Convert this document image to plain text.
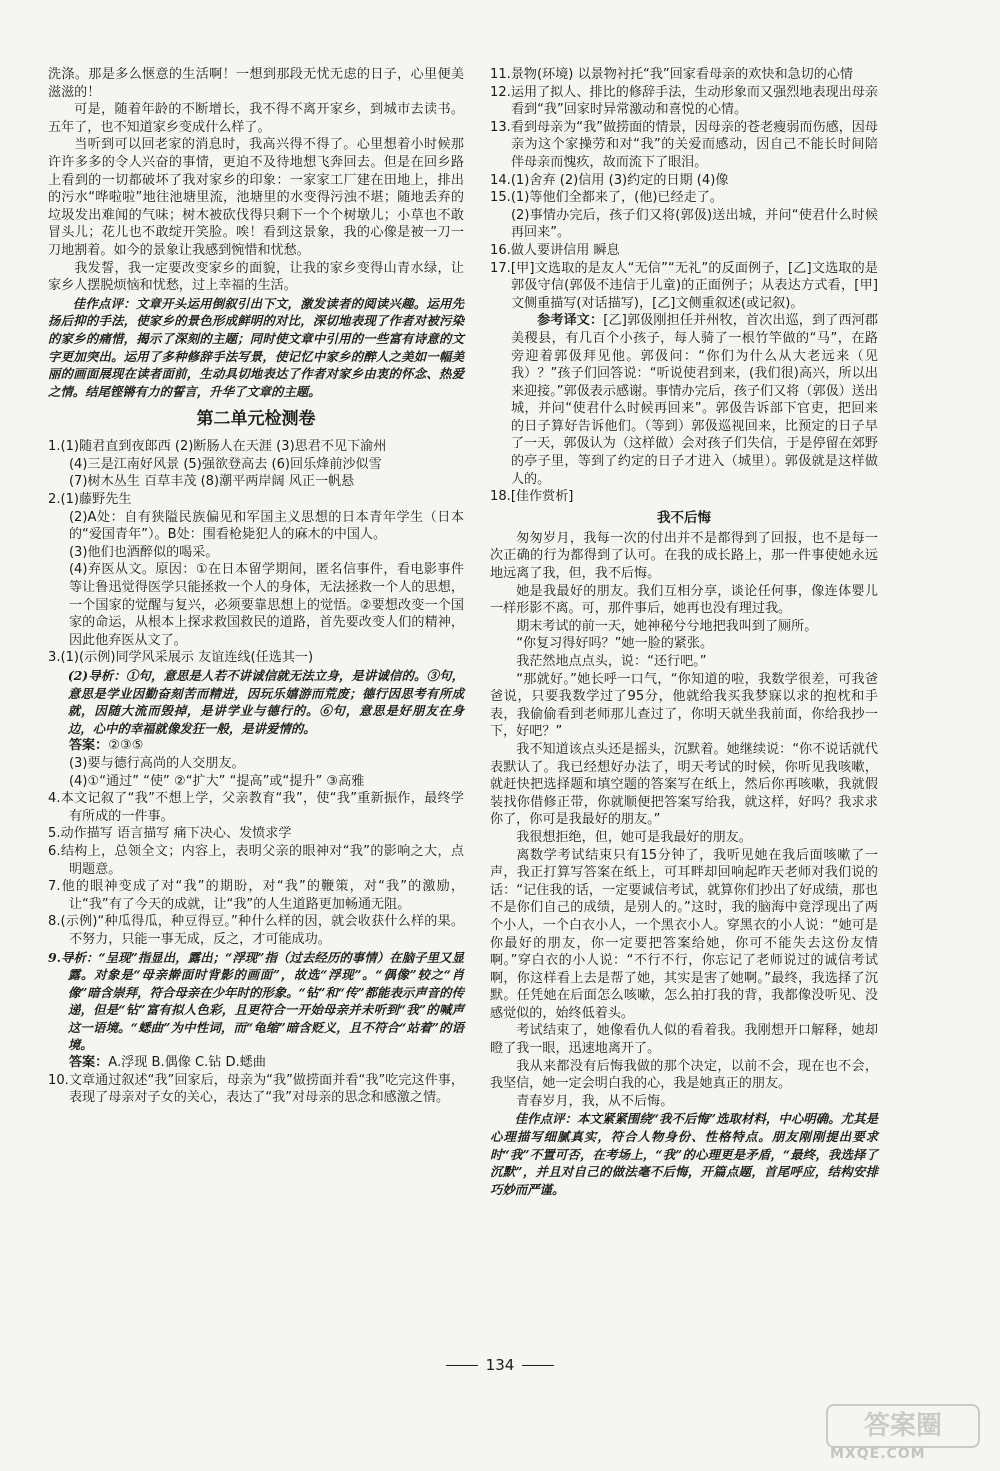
洗涤。那是多么惬意的生活啊！一想到那段无忧无虑的日子，心里便美滋滋的！

可是，随着年龄的不断增长，我不得不离开家乡，到城市去读书。五年了，也不知道家乡变成什么样了。

当听到可以回老家的消息时，我高兴得不得了。心里想着小时候那许许多多的令人兴奋的事情，更迫不及待地想飞奔回去。但是在回乡路上看到的一切都破坏了我对家乡的印象：一家家工厂建在田地上，排出的污水“哗啦啦”地往池塘里流，池塘里的水变得污浊不堪；随地丢弃的垃圾发出难闻的气味；树木被砍伐得只剩下一个个树墩儿；小草也不敢冒头儿；花儿也不敢绽开笑脸。唉！看到这景象，我的心像是被一刀一刀地割着。如今的景象让我感到惋惜和忧愁。

我发誓，我一定要改变家乡的面貌，让我的家乡变得山青水绿，让家乡人摆脱烦恼和忧愁，过上幸福的生活。

佳作点评：文章开头运用倒叙引出下文，激发读者的阅读兴趣。运用先扬后抑的手法，使家乡的景色形成鲜明的对比，深切地表现了作者对被污染的家乡的痛惜，揭示了深刻的主题；同时使文章中引用的一些富有诗意的文字更加突出。运用了多种修辞手法写景，使记忆中家乡的醉人之美如一幅美丽的画面展现在读者面前，生动具切地表达了作者对家乡由衷的怀念、热爱之情。结尾铿锵有力的誓言，升华了文章的主题。

第二单元检测卷

1.(1)随君直到夜郎西 (2)断肠人在天涯 (3)思君不见下渝州

(4)三是江南好风景 (5)强欲登高去 (6)回乐烽前沙似雪

(7)树木丛生 百草丰茂 (8)潮平两岸阔 风正一帆悬

2.(1)藤野先生

(2)A处：自有狭隘民族偏见和军国主义思想的日本青年学生（日本的“爱国青年”）。B处：围看枪毙犯人的麻木的中国人。

(3)他们也酒醉似的喝采。

(4)弃医从文。原因：①在日本留学期间，匿名信事件，看电影事件等让鲁迅觉得医学只能拯救一个人的身体，无法拯救一个人的思想，一个国家的觉醒与复兴，必须要靠思想上的觉悟。②要想改变一个国家的命运，从根本上探求救国救民的道路，首先要改变人们的精神，因此他弃医从文了。

3.(1)(示例)同学风采展示 友谊连线(任选其一)

(2)导析：①句，意思是人若不讲诚信就无法立身，是讲诚信的。③句，意思是学业因勤奋刻苦而精进，因玩乐嬉游而荒废；德行因思考有所成就，因随大流而毁掉，是讲学业与德行的。⑥句，意思是好朋友在身边，心中的幸福就像发狂一般，是讲爱情的。

答案：②③⑤

(3)要与德行高尚的人交朋友。

(4)①“通过” “使” ②“扩大” “提高”或“提升” ③高雅

4.本文记叙了“我”不想上学，父亲教育“我”，使“我”重新振作，最终学有所成的一件事。

5.动作描写 语言描写 痛下决心、发愤求学

6.结构上，总领全文；内容上，表明父亲的眼神对“我”的影响之大，点明题意。

7.他的眼神变成了对“我”的期盼，对“我”的鞭策，对“我”的激励，让“我”有了今天的成就，让“我”的人生道路更加畅通无阻。

8.(示例)“种瓜得瓜，种豆得豆。”种什么样的因，就会收获什么样的果。不努力，只能一事无成，反之，才可能成功。

9.导析：“呈现”指显出，露出；“浮现”指（过去经历的事情）在脑子里又显露。对象是“母亲擀面时背影的画面”，故选“浮现”。“偶像”较之“肖像”暗含崇拜，符合母亲在少年时的形象。“钻”和“传”都能表示声音的传递，但是“钻”富有拟人色彩，且更符合一开始母亲并未听到“我”的喊声这一语境。“蟋曲”为中性词，而“龟缩”暗含贬义，且不符合“站着”的语境。

答案：A.浮现 B.偶像 C.钻 D.蟋曲

10.文章通过叙述“我”回家后，母亲为“我”做捞面并看“我”吃完这件事，表现了母亲对子女的关心，表达了“我”对母亲的思念和感激之情。

11.景物(环境) 以景物衬托“我”回家看母亲的欢快和急切的心情

12.运用了拟人、排比的修辞手法，生动形象而又强烈地表现出母亲看到“我”回家时异常激动和喜悦的心情。

13.看到母亲为“我”做捞面的情景，因母亲的苍老瘦弱而伤感，因母亲为这个家操劳和对“我”的关爱而感动，因自己不能长时间陪伴母亲而愧疚，故而流下了眼泪。

14.(1)舍弃 (2)信用 (3)约定的日期 (4)像

15.(1)等他们全都来了，(他)已经走了。

(2)事情办完后，孩子们又将(郭伋)送出城，并问“使君什么时候再回来”。

16.做人要讲信用 瞬息

17.[甲]文选取的是友人“无信”“无礼”的反面例子，[乙]文选取的是郭伋守信(郭伋不违信于儿童)的正面例子；从表达方式看，[甲]文侧重描写(对话描写)，[乙]文侧重叙述(或记叙)。

参考译文：[乙]郭伋刚担任并州牧，首次出巡，到了西河郡美稷县，有几百个小孩子，每人骑了一根竹竿做的“马”，在路旁迎着郭伋拜见他。郭伋问：“你们为什么从大老远来（见我）？”孩子们回答说：“听说使君到来，(我们很)高兴，所以出来迎接。”郭伋表示感谢。事情办完后，孩子们又将（郭伋）送出城，并问“使君什么时候再回来”。郭伋告诉部下官吏，把回来的日子算好告诉他们。（等到）郭伋巡视回来，比预定的日子早了一天，郭伋认为（这样做）会对孩子们失信，于是停留在郊野的亭子里，等到了约定的日子才进入（城里）。郭伋就是这样做人的。

18.[佳作赏析]

我不后悔

匆匆岁月，我每一次的付出并不是都得到了回报，也不是每一次正确的行为都得到了认可。在我的成长路上，那一件事使她永远地远离了我，但，我不后悔。

她是我最好的朋友。我们互相分享，谈论任何事，像连体婴儿一样形影不离。可，那件事后，她再也没有理过我。

期末考试的前一天，她神秘兮兮地把我叫到了厕所。

“你复习得好吗？”她一脸的紧张。

我茫然地点点头，说：“还行吧。”

“那就好。”她长呼一口气，“你知道的啦，我数学很差，可我爸爸说，只要我数学过了95分，他就给我买我梦寐以求的抱枕和手表，我偷偷看到老师那儿查过了，你明天就坐我前面，你给我抄一下，好吧？”

我不知道该点头还是摇头，沉默着。她继续说：“你不说话就代表默认了。我已经想好办法了，明天考试的时候，你听见我咳嗽，就赶快把选择题和填空题的答案写在纸上，然后你再咳嗽，我就假装找你借修正带，你就顺便把答案写给我，就这样，好吗？我求求你了，你可是我最好的朋友。”

我很想拒绝，但，她可是我最好的朋友。

离数学考试结束只有15分钟了，我听见她在我后面咳嗽了一声，我正打算写答案在纸上，可耳畔却回响起昨天老师对我们说的话：“记住我的话，一定要诚信考试，就算你们抄出了好成绩，那也不是你们自己的成绩，是别人的。”这时，我的脑海中竟浮现出了两个小人，一个白衣小人，一个黑衣小人。穿黑衣的小人说：“她可是你最好的朋友，你一定要把答案给她，你可不能失去这份友情啊。”穿白衣的小人说：“不行不行，你忘记了老师说过的诚信考试啊，你这样看上去是帮了她，其实是害了她啊。”最终，我选择了沉默。任凭她在后面怎么咳嗽，怎么拍打我的背，我都像没听见、没感觉似的，始终低着头。

考试结束了，她像看仇人似的看着我。我刚想开口解释，她却瞪了我一眼，迅速地离开了。

我从来都没有后悔我做的那个决定，以前不会，现在也不会，我坚信，她一定会明白我的心，我是她真正的朋友。

青春岁月，我，从不后悔。

佳作点评：本文紧紧围绕“我不后悔”选取材料，中心明确。尤其是心理描写细腻真实，符合人物身份、性格特点。朋友刚刚提出要求时“我”不置可否，在考场上，“我”的心理更是矛盾，“最终，我选择了沉默”，并且对自己的做法毫不后悔，开篇点题，首尾呼应，结构安排巧妙而严谨。

134
答案圈
MXQE.COM
